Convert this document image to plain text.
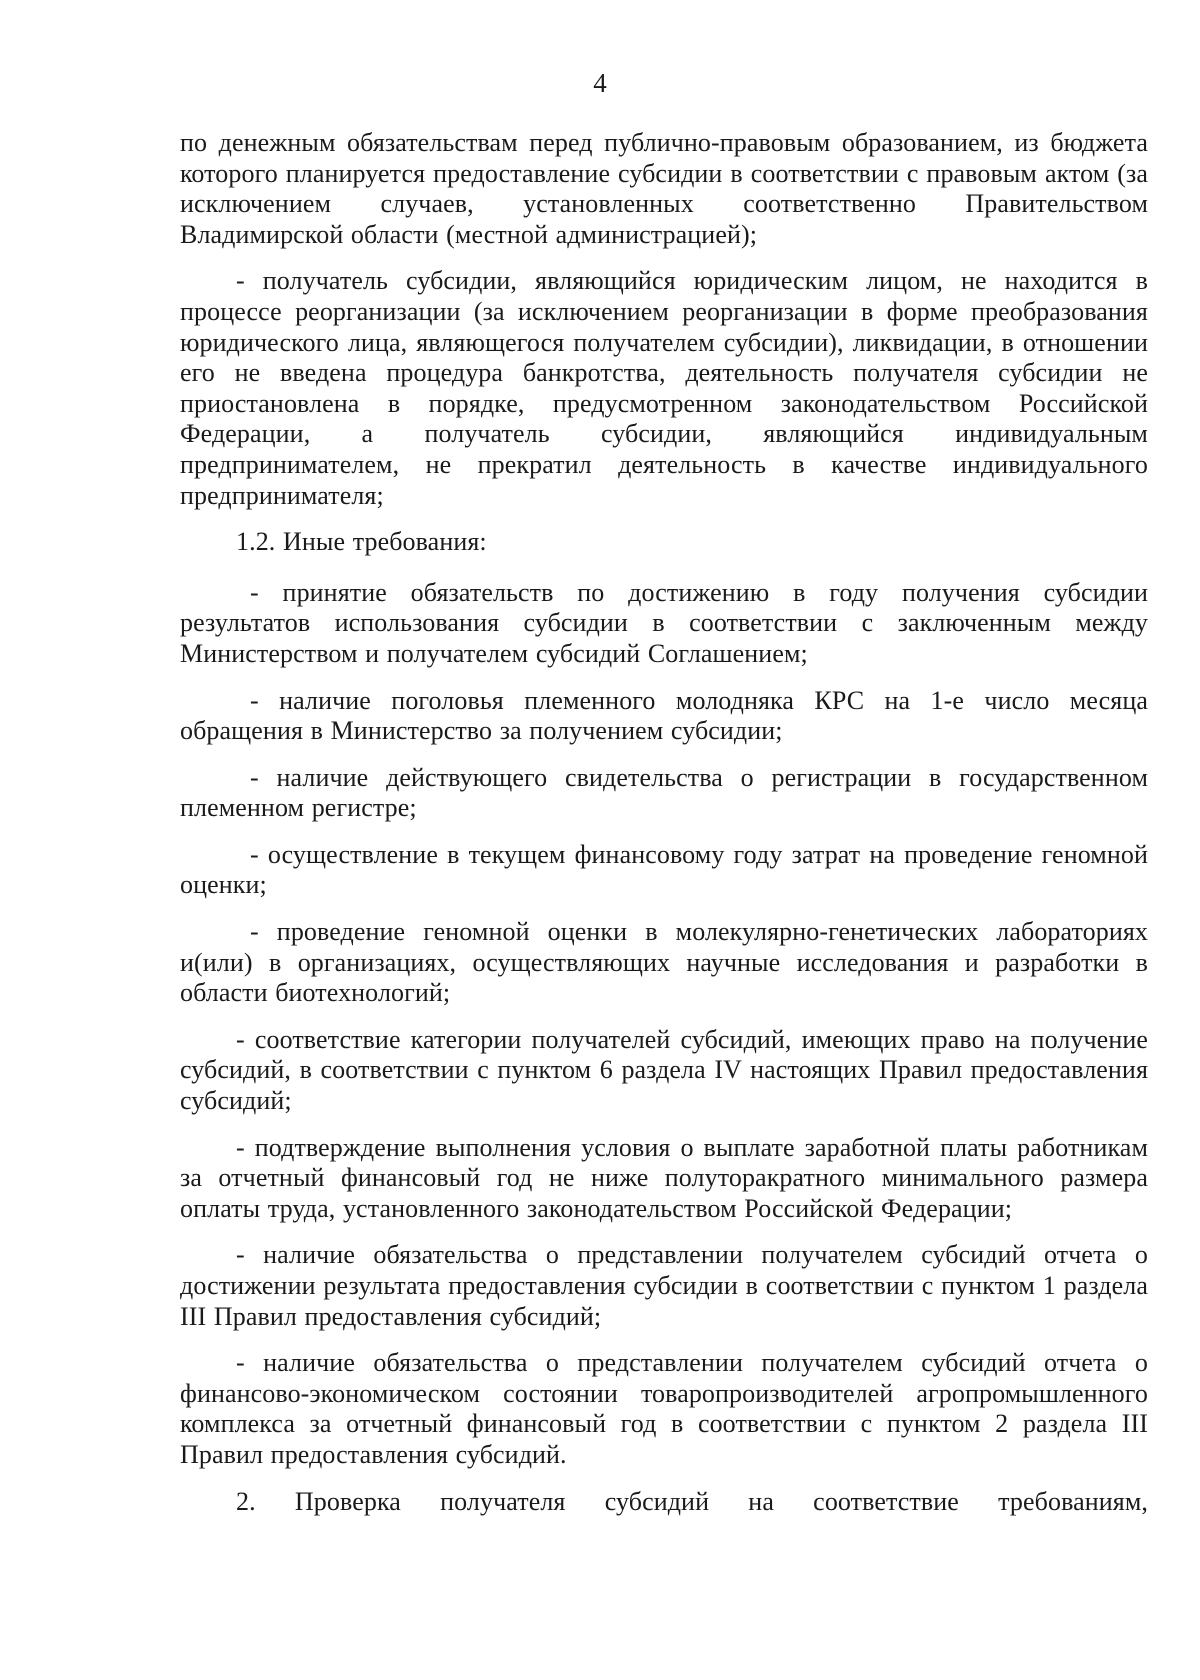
4

по денежным обязательствам перед публично-правовым образованием, из бюджета которого планируется предоставление субсидии в соответствии с правовым актом (за исключением случаев, установленных соответственно Правительством Владимирской области (местной администрацией);

- получатель субсидии, являющийся юридическим лицом, не находится в процессе реорганизации (за исключением реорганизации в форме преобразования юридического лица, являющегося получателем субсидии), ликвидации, в отношении его не введена процедура банкротства, деятельность получателя субсидии не приостановлена в порядке, предусмотренном законодательством Российской Федерации, а получатель субсидии, являющийся индивидуальным предпринимателем, не прекратил деятельность в качестве индивидуального предпринимателя;

1.2. Иные требования:

- принятие обязательств по достижению в году получения субсидии результатов использования субсидии в соответствии с заключенным между Министерством и получателем субсидий Соглашением;

- наличие поголовья племенного молодняка КРС на 1-е число месяца обращения в Министерство за получением субсидии;

- наличие действующего свидетельства о регистрации в государственном племенном регистре;

- осуществление в текущем финансовому году затрат на проведение геномной оценки;

- проведение геномной оценки в молекулярно-генетических лабораториях и(или) в организациях, осуществляющих научные исследования и разработки в области биотехнологий;

- соответствие категории получателей субсидий, имеющих право на получение субсидий, в соответствии с пунктом 6 раздела IV настоящих Правил предоставления субсидий;

- подтверждение выполнения условия о выплате заработной платы работникам за отчетный финансовый год не ниже полуторакратного минимального размера оплаты труда, установленного законодательством Российской Федерации;

- наличие обязательства о представлении получателем субсидий отчета о достижении результата предоставления субсидии в соответствии с пунктом 1 раздела III Правил предоставления субсидий;

- наличие обязательства о представлении получателем субсидий отчета о финансово-экономическом состоянии товаропроизводителей агропромышленного комплекса за отчетный финансовый год в соответствии с пунктом 2 раздела III Правил предоставления субсидий.

2. Проверка получателя субсидий на соответствие требованиям,
